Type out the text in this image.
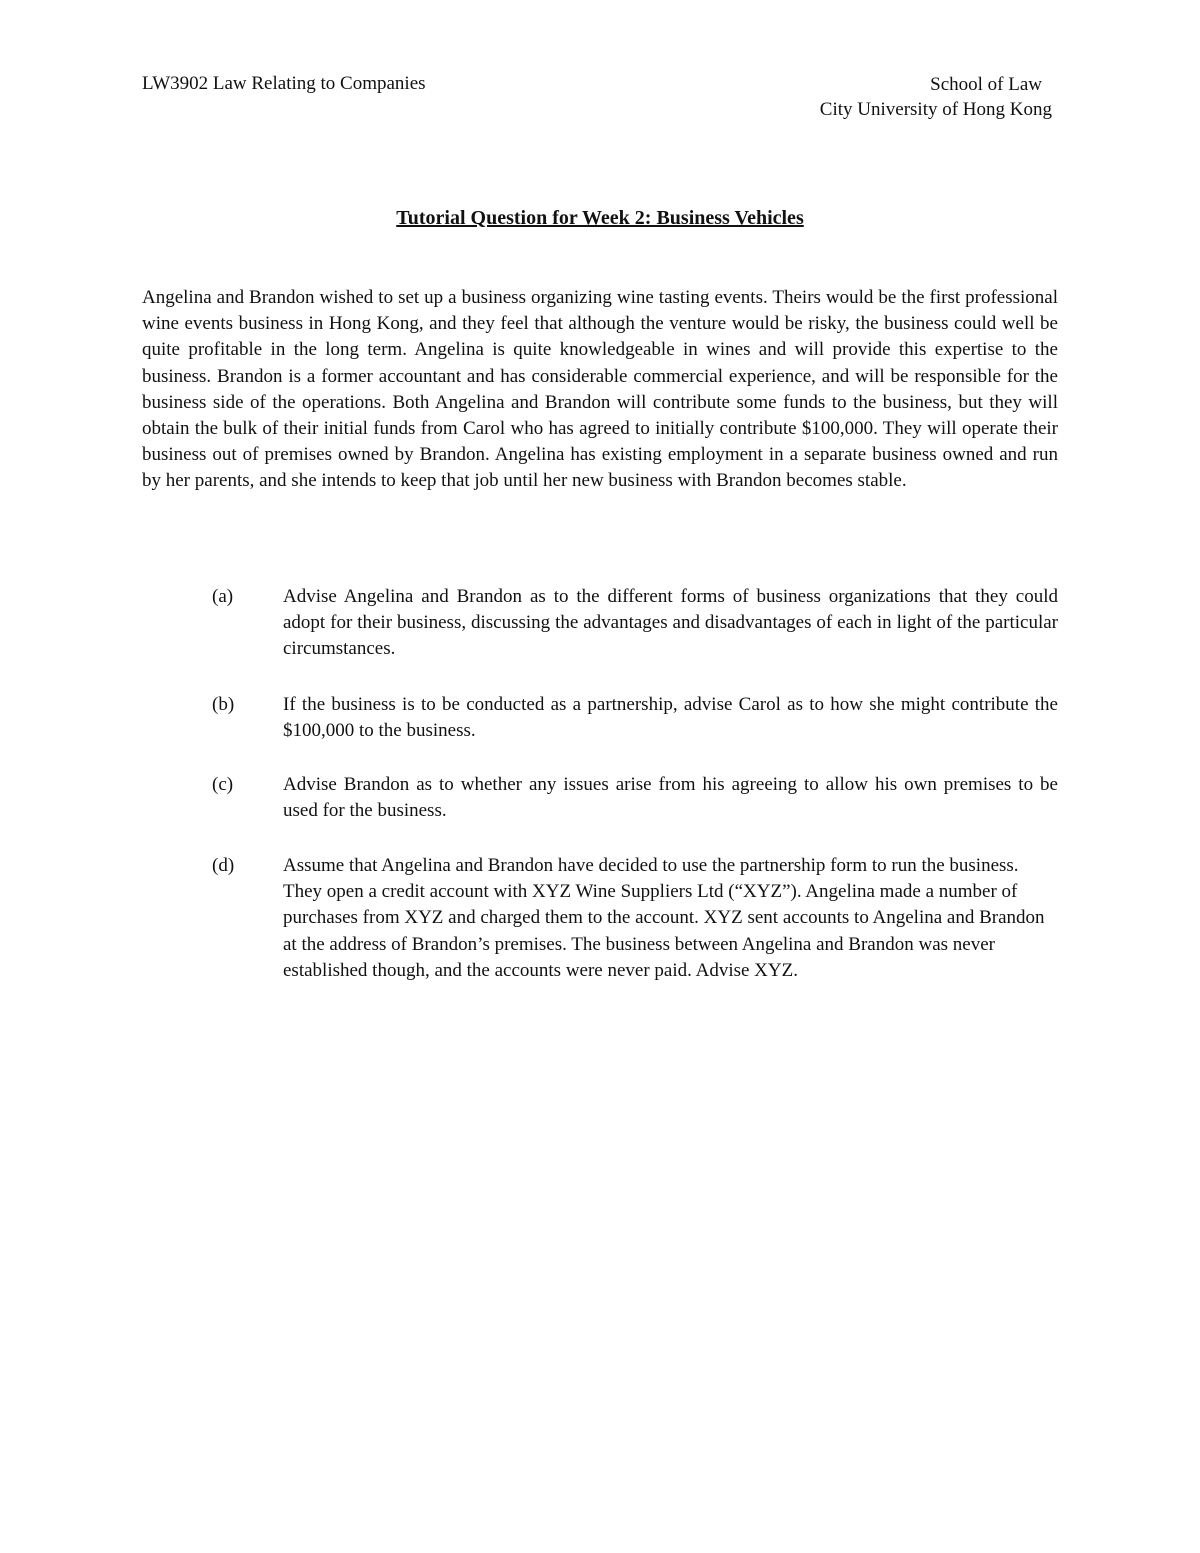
LW3902 Law Relating to Companies	School of Law
City University of Hong Kong
Tutorial Question for Week 2: Business Vehicles

Angelina and Brandon wished to set up a business organizing wine tasting events. Theirs would be the first professional wine events business in Hong Kong, and they feel that although the venture would be risky, the business could well be quite profitable in the long term. Angelina is quite knowledgeable in wines and will provide this expertise to the business. Brandon is a former accountant and has considerable commercial experience, and will be responsible for the business side of the operations. Both Angelina and Brandon will contribute some funds to the business, but they will obtain the bulk of their initial funds from Carol who has agreed to initially contribute $100,000. They will operate their business out of premises owned by Brandon. Angelina has existing employment in a separate business owned and run by her parents, and she intends to keep that job until her new business with Brandon becomes stable.

(a)	Advise Angelina and Brandon as to the different forms of business organizations that they could adopt for their business, discussing the advantages and disadvantages of each in light of the particular circumstances.
(b)	If the business is to be conducted as a partnership, advise Carol as to how she might contribute the $100,000 to the business.
(c)	Advise Brandon as to whether any issues arise from his agreeing to allow his own premises to be used for the business.
(d)	Assume that Angelina and Brandon have decided to use the partnership form to run the business. They open a credit account with XYZ Wine Suppliers Ltd (“XYZ”). Angelina made a number of purchases from XYZ and charged them to the account. XYZ sent accounts to Angelina and Brandon at the address of Brandon’s premises. The business between Angelina and Brandon was never established though, and the accounts were never paid. Advise XYZ.
